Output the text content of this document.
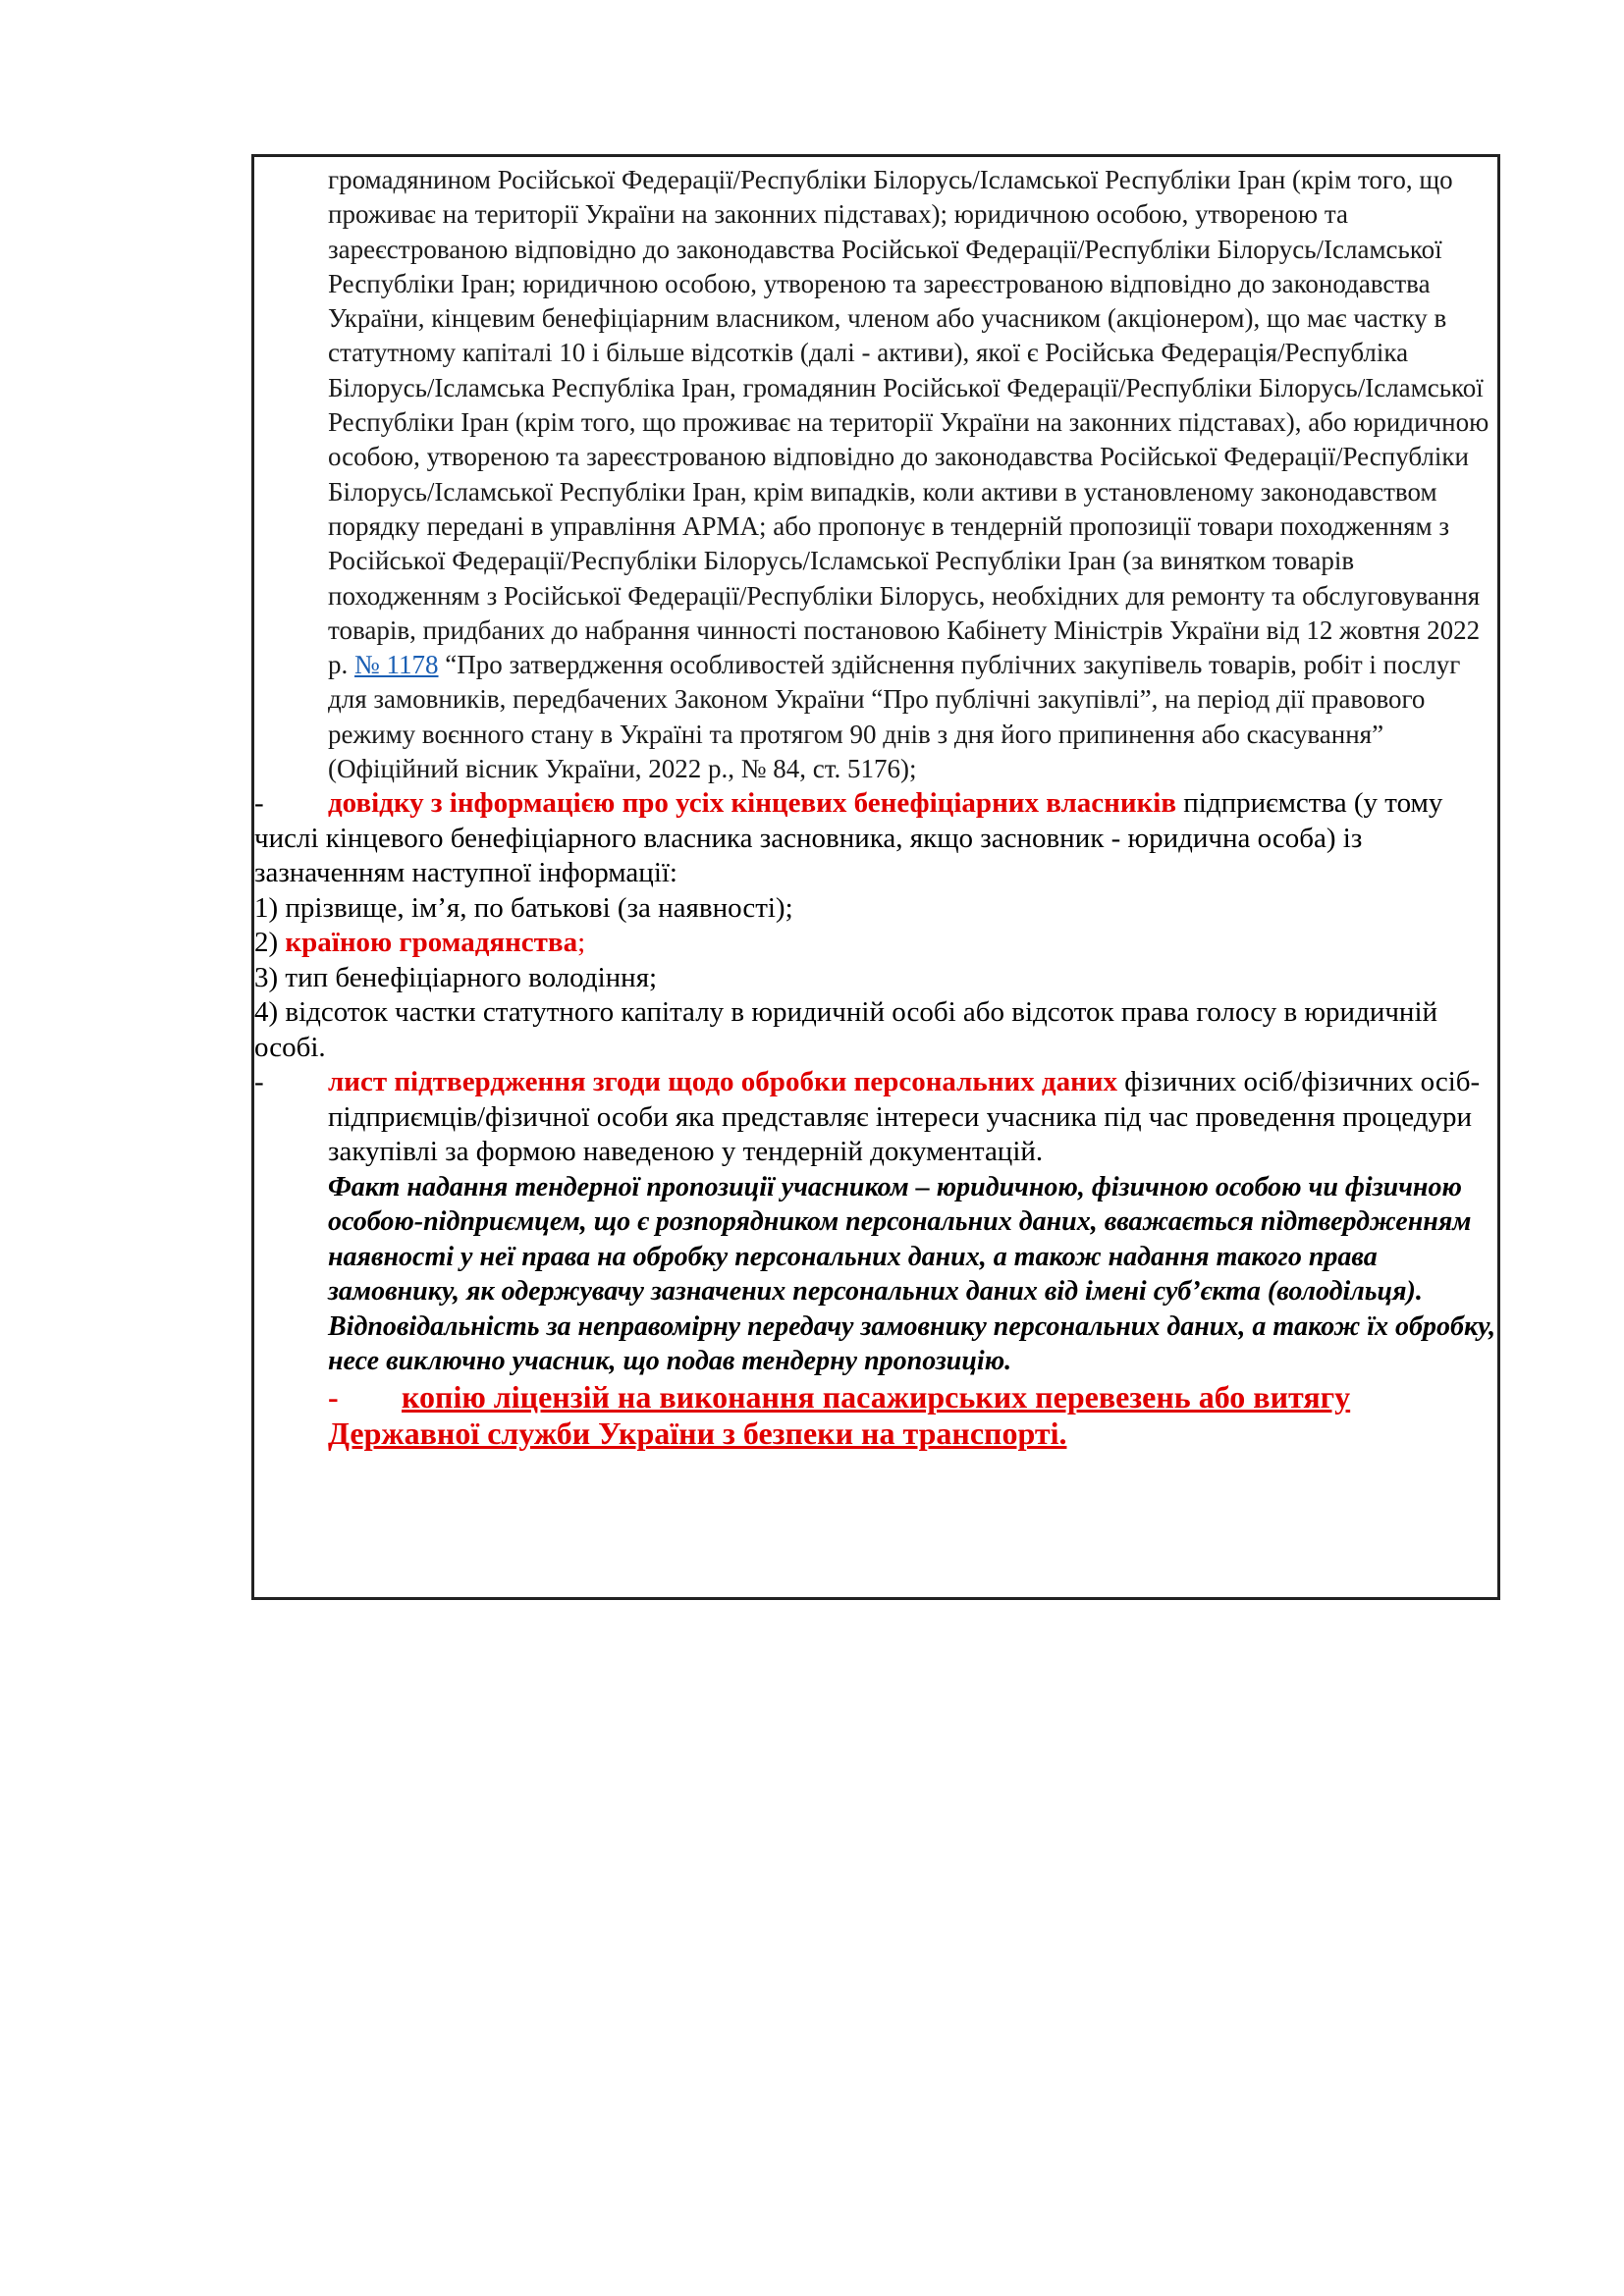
громадянином Російської Федерації/Республіки Білорусь/Ісламської Республіки Іран (крім того, що проживає на території України на законних підставах); юридичною особою, утвореною та зареєстрованою відповідно до законодавства Російської Федерації/Республіки Білорусь/Ісламської Республіки Іран; юридичною особою, утвореною та зареєстрованою відповідно до законодавства України, кінцевим бенефіціарним власником, членом або учасником (акціонером), що має частку в статутному капіталі 10 і більше відсотків (далі - активи), якої є Російська Федерація/Республіка Білорусь/Ісламська Республіка Іран, громадянин Російської Федерації/Республіки Білорусь/Ісламської Республіки Іран (крім того, що проживає на території України на законних підставах), або юридичною особою, утвореною та зареєстрованою відповідно до законодавства Російської Федерації/Республіки Білорусь/Ісламської Республіки Іран, крім випадків, коли активи в установленому законодавством порядку передані в управління АРМА; або пропонує в тендерній пропозиції товари походженням з Російської Федерації/Республіки Білорусь/Ісламської Республіки Іран (за винятком товарів походженням з Російської Федерації/Республіки Білорусь, необхідних для ремонту та обслуговування товарів, придбаних до набрання чинності постановою Кабінету Міністрів України від 12 жовтня 2022 р. № 1178 “Про затвердження особливостей здійснення публічних закупівель товарів, робіт і послуг для замовників, передбачених Законом України “Про публічні закупівлі”, на період дії правового режиму воєнного стану в Україні та протягом 90 днів з дня його припинення або скасування” (Офіційний вісник України, 2022 р., № 84, ст. 5176);

- довідку з інформацією про усіх кінцевих бенефіціарних власників підприємства (у тому числі кінцевого бенефіціарного власника засновника, якщо засновник - юридична особа) із зазначенням наступної інформації:

1) прізвище, ім’я, по батькові (за наявності);

2) країною громадянства;

3) тип бенефіціарного володіння;

4) відсоток частки статутного капіталу в юридичній особі або відсоток права голосу в юридичній особі.

- лист підтвердження згоди щодо обробки персональних даних фізичних осіб/фізичних осіб-підприємців/фізичної особи яка представляє інтереси учасника під час проведення процедури закупівлі за формою наведеною у тендерній документацій.

Факт надання тендерної пропозиції учасником – юридичною, фізичною особою чи фізичною особою-підприємцем, що є розпорядником персональних даних, вважається підтвердженням наявності у неї права на обробку персональних даних, а також надання такого права замовнику, як одержувачу зазначених персональних даних від імені суб’єкта (володільця). Відповідальність за неправомірну передачу замовнику персональних даних, а також їх обробку, несе виключно учасник, що подав тендерну пропозицію.

- копію ліцензій на виконання пасажирських перевезень або витягу
Державної служби України з безпеки на транспорті.
